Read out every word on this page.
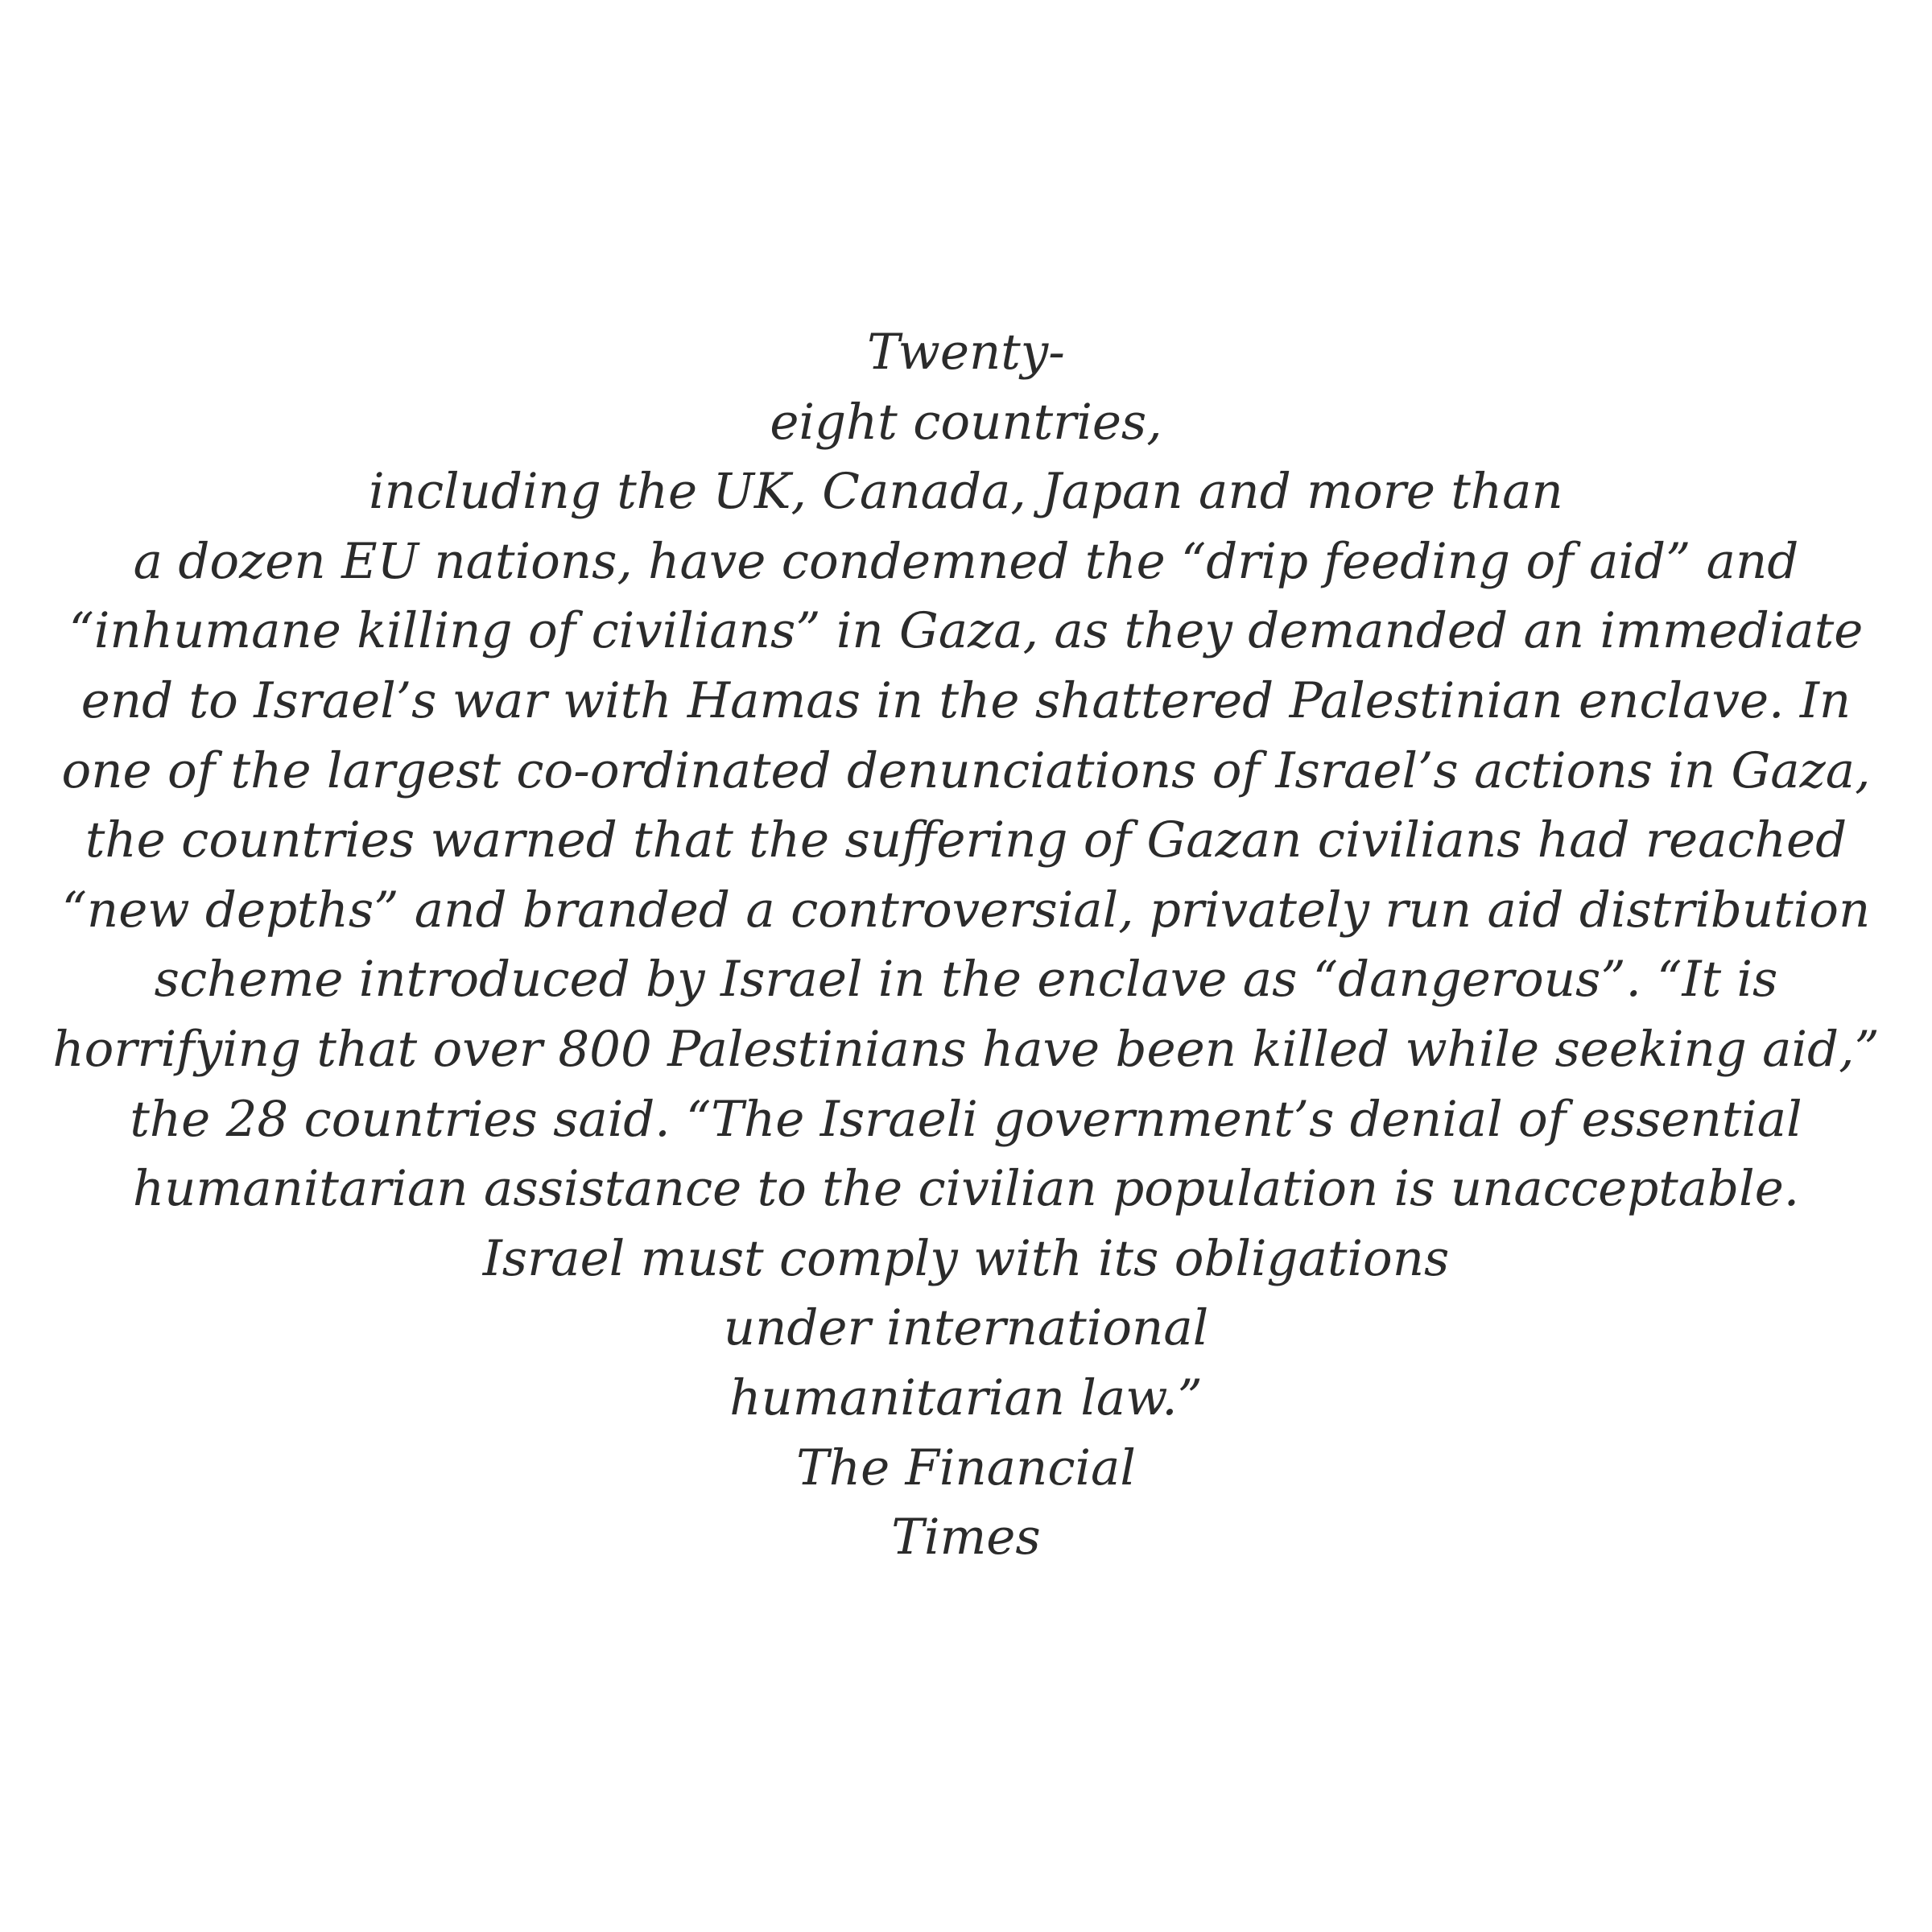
Twenty-
eight countries,
including the UK, Canada, Japan and more than
a dozen EU nations, have condemned the “drip feeding of aid” and
“inhumane killing of civilians” in Gaza, as they demanded an immediate
end to Israel’s war with Hamas in the shattered Palestinian enclave. In
one of the largest co-ordinated denunciations of Israel’s actions in Gaza,
the countries warned that the suffering of Gazan civilians had reached
“new depths” and branded a controversial, privately run aid distribution
scheme introduced by Israel in the enclave as “dangerous”. “It is
horrifying that over 800 Palestinians have been killed while seeking aid,”
the 28 countries said. “The Israeli government’s denial of essential
humanitarian assistance to the civilian population is unacceptable.
Israel must comply with its obligations
under international
humanitarian law.”
The Financial
Times
